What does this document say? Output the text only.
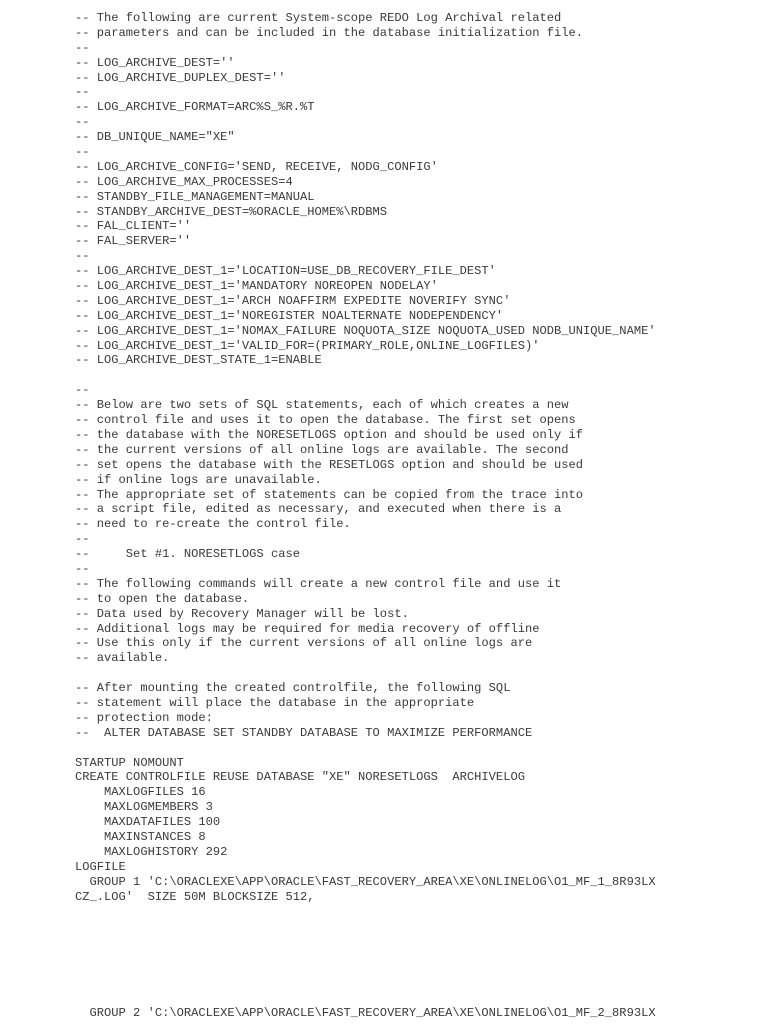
-- The following are current System-scope REDO Log Archival related
-- parameters and can be included in the database initialization file.
--
-- LOG_ARCHIVE_DEST=''
-- LOG_ARCHIVE_DUPLEX_DEST=''
--
-- LOG_ARCHIVE_FORMAT=ARC%S_%R.%T
--
-- DB_UNIQUE_NAME="XE"
--
-- LOG_ARCHIVE_CONFIG='SEND, RECEIVE, NODG_CONFIG'
-- LOG_ARCHIVE_MAX_PROCESSES=4
-- STANDBY_FILE_MANAGEMENT=MANUAL
-- STANDBY_ARCHIVE_DEST=%ORACLE_HOME%\RDBMS
-- FAL_CLIENT=''
-- FAL_SERVER=''
--
-- LOG_ARCHIVE_DEST_1='LOCATION=USE_DB_RECOVERY_FILE_DEST'
-- LOG_ARCHIVE_DEST_1='MANDATORY NOREOPEN NODELAY'
-- LOG_ARCHIVE_DEST_1='ARCH NOAFFIRM EXPEDITE NOVERIFY SYNC'
-- LOG_ARCHIVE_DEST_1='NOREGISTER NOALTERNATE NODEPENDENCY'
-- LOG_ARCHIVE_DEST_1='NOMAX_FAILURE NOQUOTA_SIZE NOQUOTA_USED NODB_UNIQUE_NAME'
-- LOG_ARCHIVE_DEST_1='VALID_FOR=(PRIMARY_ROLE,ONLINE_LOGFILES)'
-- LOG_ARCHIVE_DEST_STATE_1=ENABLE
--
-- Below are two sets of SQL statements, each of which creates a new
-- control file and uses it to open the database. The first set opens
-- the database with the NORESETLOGS option and should be used only if
-- the current versions of all online logs are available. The second
-- set opens the database with the RESETLOGS option and should be used
-- if online logs are unavailable.
-- The appropriate set of statements can be copied from the trace into
-- a script file, edited as necessary, and executed when there is a
-- need to re-create the control file.
--
--     Set #1. NORESETLOGS case
--
-- The following commands will create a new control file and use it
-- to open the database.
-- Data used by Recovery Manager will be lost.
-- Additional logs may be required for media recovery of offline
-- Use this only if the current versions of all online logs are
-- available.
-- After mounting the created controlfile, the following SQL
-- statement will place the database in the appropriate
-- protection mode:
--  ALTER DATABASE SET STANDBY DATABASE TO MAXIMIZE PERFORMANCE
STARTUP NOMOUNT
CREATE CONTROLFILE REUSE DATABASE "XE" NORESETLOGS  ARCHIVELOG
MAXLOGFILES 16
MAXLOGMEMBERS 3
MAXDATAFILES 100
MAXINSTANCES 8
MAXLOGHISTORY 292
LOGFILE
GROUP 1 'C:\ORACLEXE\APP\ORACLE\FAST_RECOVERY_AREA\XE\ONLINELOG\O1_MF_1_8R93LX
CZ_.LOG'  SIZE 50M BLOCKSIZE 512,
GROUP 2 'C:\ORACLEXE\APP\ORACLE\FAST_RECOVERY_AREA\XE\ONLINELOG\O1_MF_2_8R93LX
